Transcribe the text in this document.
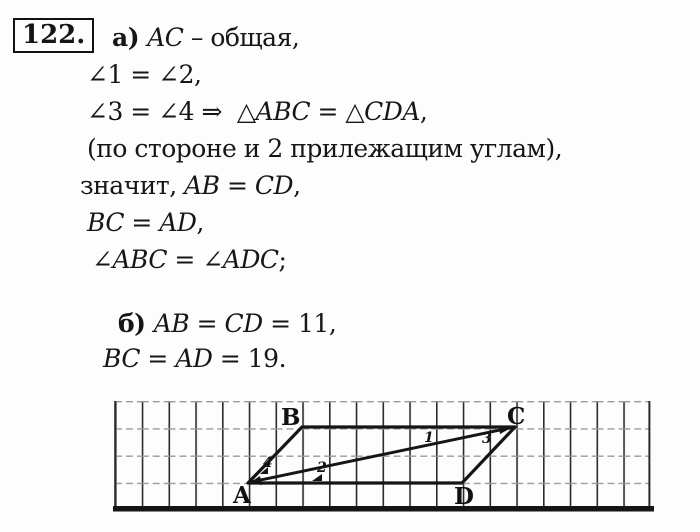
122.	а) AC – общая,
∠1 = ∠2,
∠3 = ∠4 ⇒  △ABC = △CDA,
(по стороне и 2 прилежащим углам),
значит, AB = CD,
BC = AD,
∠ABC = ∠ADC;
б) AB = CD = 11,
BC = AD = 19.
A
B	C
D
1
2
3
4
